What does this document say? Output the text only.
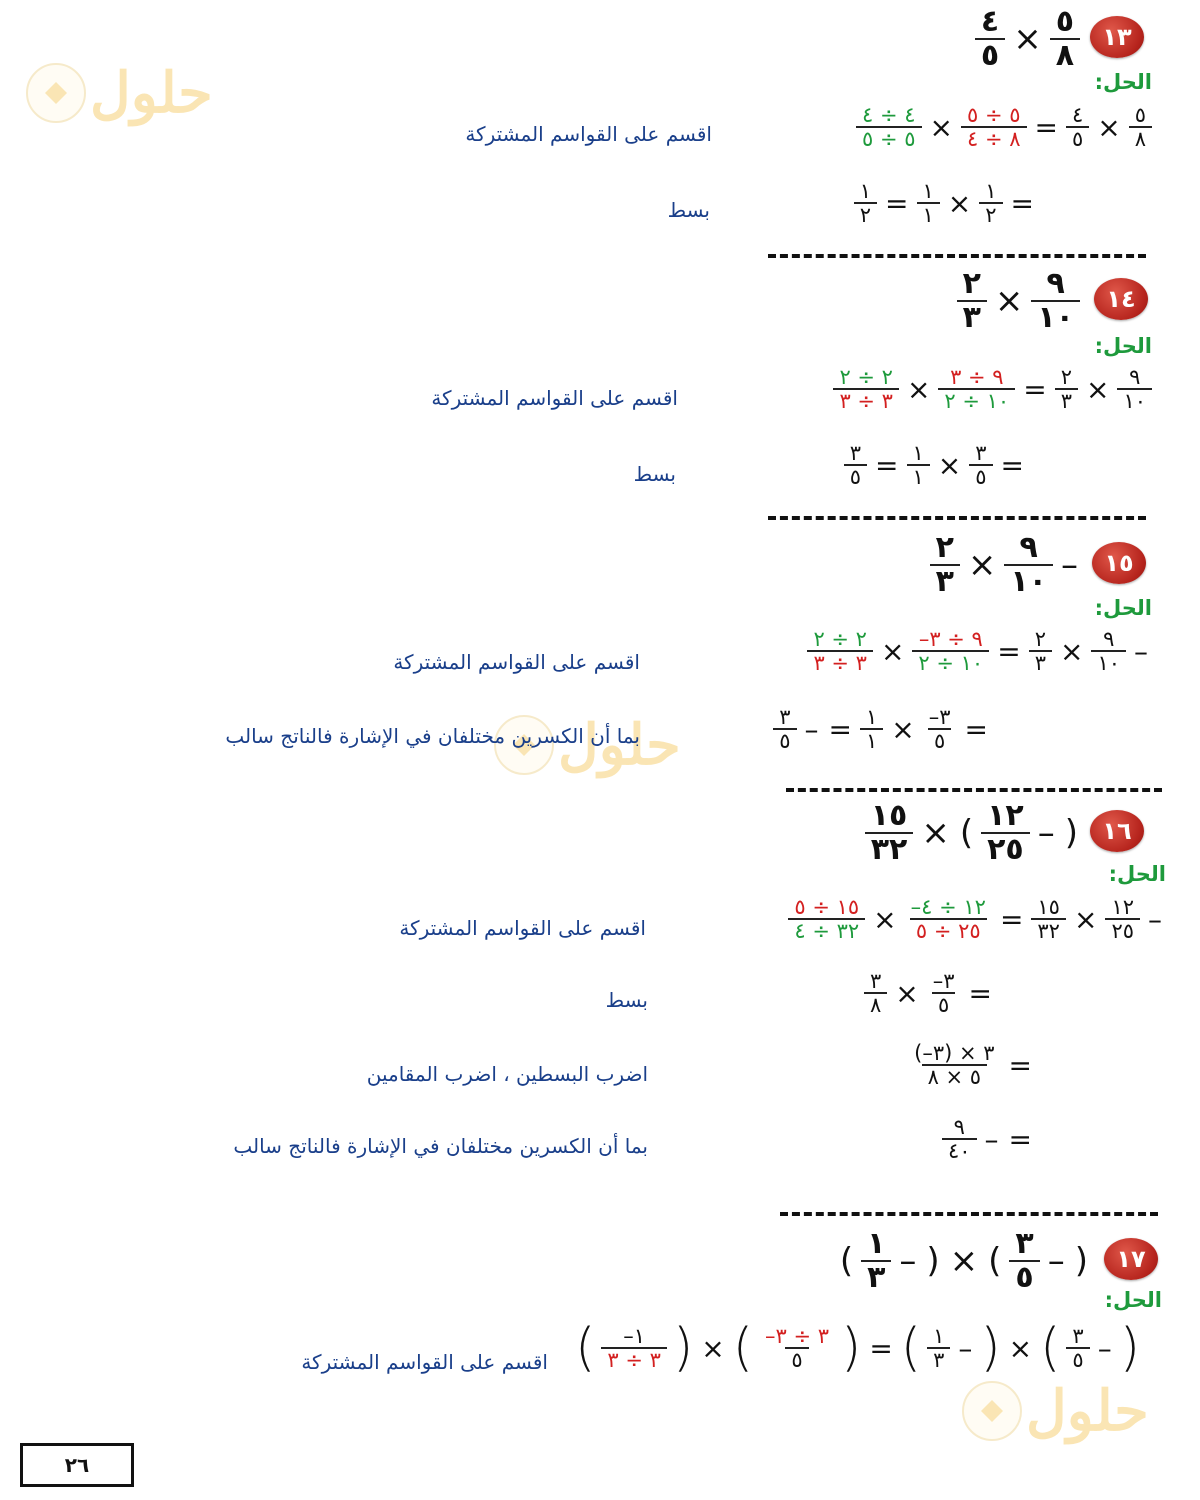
حلول
حلول
حلول
١٣
$\frac{٥}{٨}$
×
$\frac{٤}{٥}$
الحل:
$\frac{٥}{٨}$
×
$\frac{٤}{٥}$
=
$\frac{٥ \div ٥}{٨ \div ٤}$
×
$\frac{٤ \div ٤}{٥ \div ٥}$
اقسم على القواسم المشتركة
=
$\frac{١}{٢}$
×
$\frac{١}{١}$
=
$\frac{١}{٢}$
بسط
١٤
$\frac{٩}{١٠}$
×
$\frac{٢}{٣}$
الحل:
$\frac{٩}{١٠}$
×
$\frac{٢}{٣}$
=
$\frac{٩ \div ٣}{١٠ \div ٢}$
×
$\frac{٢ \div ٢}{٣ \div ٣}$
اقسم على القواسم المشتركة
=
$\frac{٣}{٥}$
×
$\frac{١}{١}$
=
$\frac{٣}{٥}$
بسط
١٥
–
$\frac{٩}{١٠}$
×
$\frac{٢}{٣}$
الحل:
–
$\frac{٩}{١٠}$
×
$\frac{٢}{٣}$
=
$\frac{-٩ \div ٣}{١٠ \div ٢}$
×
$\frac{٢ \div ٢}{٣ \div ٣}$
اقسم على القواسم المشتركة
=
$\frac{-٣}{٥}$
×
$\frac{١}{١}$
=
–
$\frac{٣}{٥}$
بما أن الكسرين مختلفان في الإشارة فالناتج سالب
١٦
)
–
$\frac{١٢}{٢٥}$
(
×
$\frac{١٥}{٣٢}$
الحل:
–
$\frac{١٢}{٢٥}$
×
$\frac{١٥}{٣٢}$
=
$\frac{-١٢ \div ٤}{٢٥ \div ٥}$
×
$\frac{١٥ \div ٥}{٣٢ \div ٤}$
اقسم على القواسم المشتركة
=
$\frac{-٣}{٥}$
×
$\frac{٣}{٨}$
بسط
=
$\frac{(-٣) \times ٣}{٥ \times ٨}$
اضرب البسطين ، اضرب المقامين
=
–
$\frac{٩}{٤٠}$
بما أن الكسرين مختلفان في الإشارة فالناتج سالب
١٧
)
–
$\frac{٣}{٥}$
(
×
)
–
$\frac{١}{٣}$
(
الحل:
)
–
$\frac{٣}{٥}$
(
×
)
–
$\frac{١}{٣}$
(
=
)
$\frac{-٣ \div ٣}{٥}$
(
×
)
$\frac{-١}{٣ \div ٣}$
(
اقسم على القواسم المشتركة
٢٦
